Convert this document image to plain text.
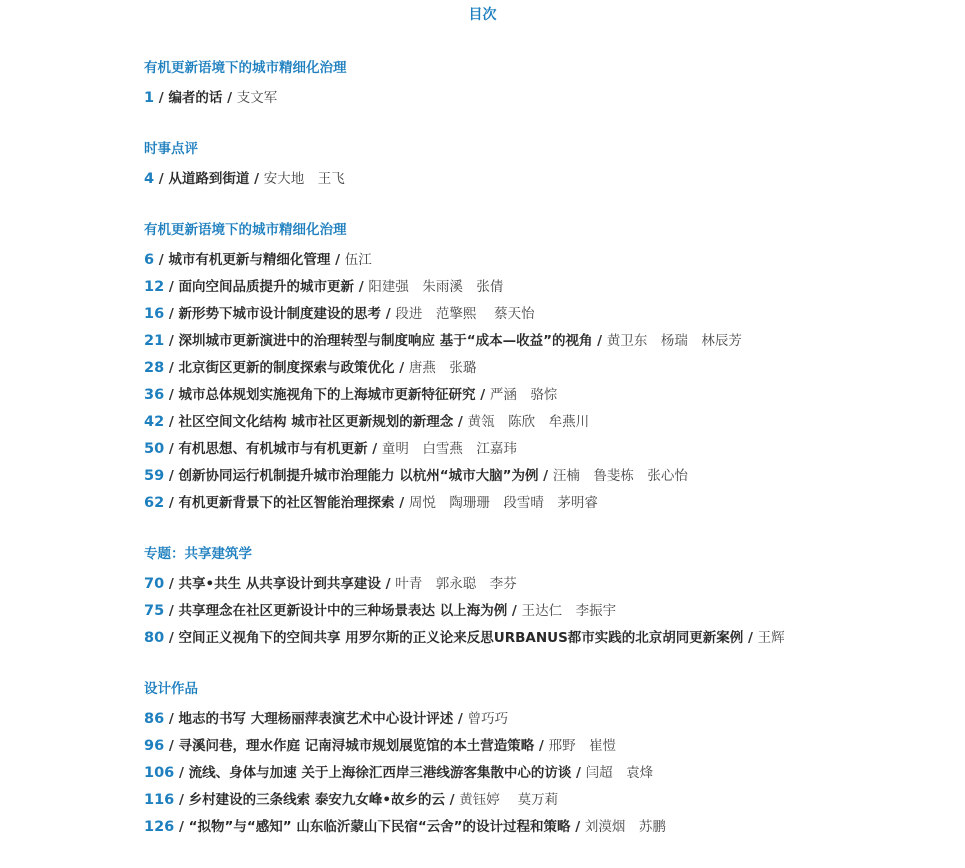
目次
有机更新语境下的城市精细化治理
1 / 编者的话 / 支文军
时事点评
4 / 从道路到街道 / 安大地　王飞
有机更新语境下的城市精细化治理
6 / 城市有机更新与精细化管理 / 伍江
12 / 面向空间品质提升的城市更新 / 阳建强　朱雨溪　张倩
16 / 新形势下城市设计制度建设的思考 / 段进　范擎熙　 蔡天怡
21 / 深圳城市更新演进中的治理转型与制度响应 基于“成本—收益”的视角 / 黄卫东　杨瑞　林辰芳
28 / 北京街区更新的制度探索与政策优化 / 唐燕　张璐
36 / 城市总体规划实施视角下的上海城市更新特征研究 / 严涵　骆悰
42 / 社区空间文化结构 城市社区更新规划的新理念 / 黄瓴　陈欣　牟燕川
50 / 有机思想、有机城市与有机更新 / 童明　白雪燕　江嘉玮
59 / 创新协同运行机制提升城市治理能力 以杭州“城市大脑”为例 / 汪楠　鲁斐栋　张心怡
62 / 有机更新背景下的社区智能治理探索 / 周悦　陶珊珊　段雪晴　茅明睿
专题：共享建筑学
70 / 共享•共生 从共享设计到共享建设 / 叶青　郭永聪　李芬
75 / 共享理念在社区更新设计中的三种场景表达 以上海为例 / 王达仁　李振宇
80 / 空间正义视角下的空间共享 用罗尔斯的正义论来反思URBANUS都市实践的北京胡同更新案例 / 王辉
设计作品
86 / 地志的书写 大理杨丽萍表演艺术中心设计评述 / 曾巧巧
96 / 寻溪问巷，理水作庭 记南浔城市规划展览馆的本土营造策略 / 邢野　崔愷
106 / 流线、身体与加速 关于上海徐汇西岸三港线游客集散中心的访谈 / 闫超　袁烽
116 / 乡村建设的三条线索 泰安九女峰•故乡的云 / 黄钰婷　 莫万莉
126 / “拟物”与“感知” 山东临沂蒙山下民宿“云舍”的设计过程和策略 / 刘漠烟　苏鹏
